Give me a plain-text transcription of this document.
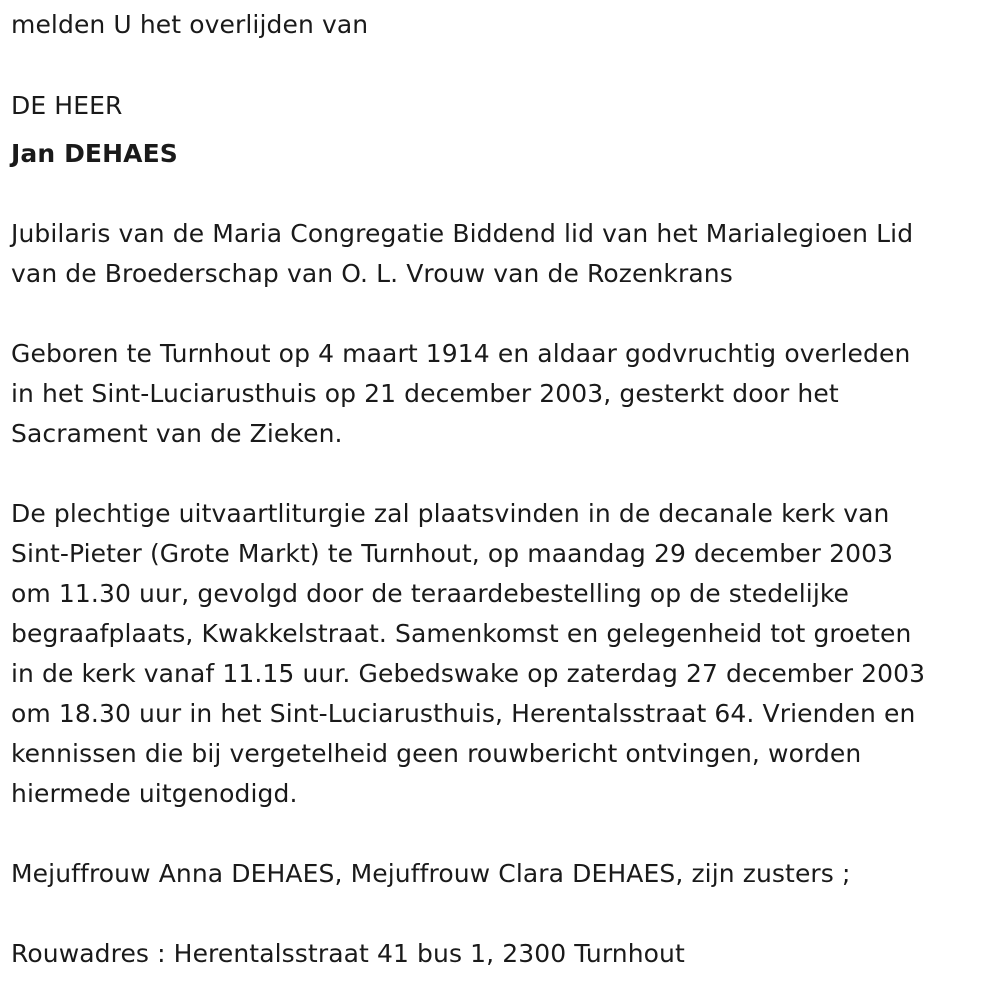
melden U het overlijden van
DE HEER
Jan DEHAES
Jubilaris van de Maria Congregatie Biddend lid van het Marialegioen Lid
van de Broederschap van O. L. Vrouw van de Rozenkrans
Geboren te Turnhout op 4 maart 1914 en aldaar godvruchtig overleden
in het Sint-Luciarusthuis op 21 december 2003, gesterkt door het
Sacrament van de Zieken.
De plechtige uitvaartliturgie zal plaatsvinden in de decanale kerk van
Sint-Pieter (Grote Markt) te Turnhout, op maandag 29 december 2003
om 11.30 uur, gevolgd door de teraardebestelling op de stedelijke
begraafplaats, Kwakkelstraat. Samenkomst en gelegenheid tot groeten
in de kerk vanaf 11.15 uur. Gebedswake op zaterdag 27 december 2003
om 18.30 uur in het Sint-Luciarusthuis, Herentalsstraat 64. Vrienden en
kennissen die bij vergetelheid geen rouwbericht ontvingen, worden
hiermede uitgenodigd.
Mejuffrouw Anna DEHAES, Mejuffrouw Clara DEHAES, zijn zusters ;
Rouwadres : Herentalsstraat 41 bus 1, 2300 Turnhout
